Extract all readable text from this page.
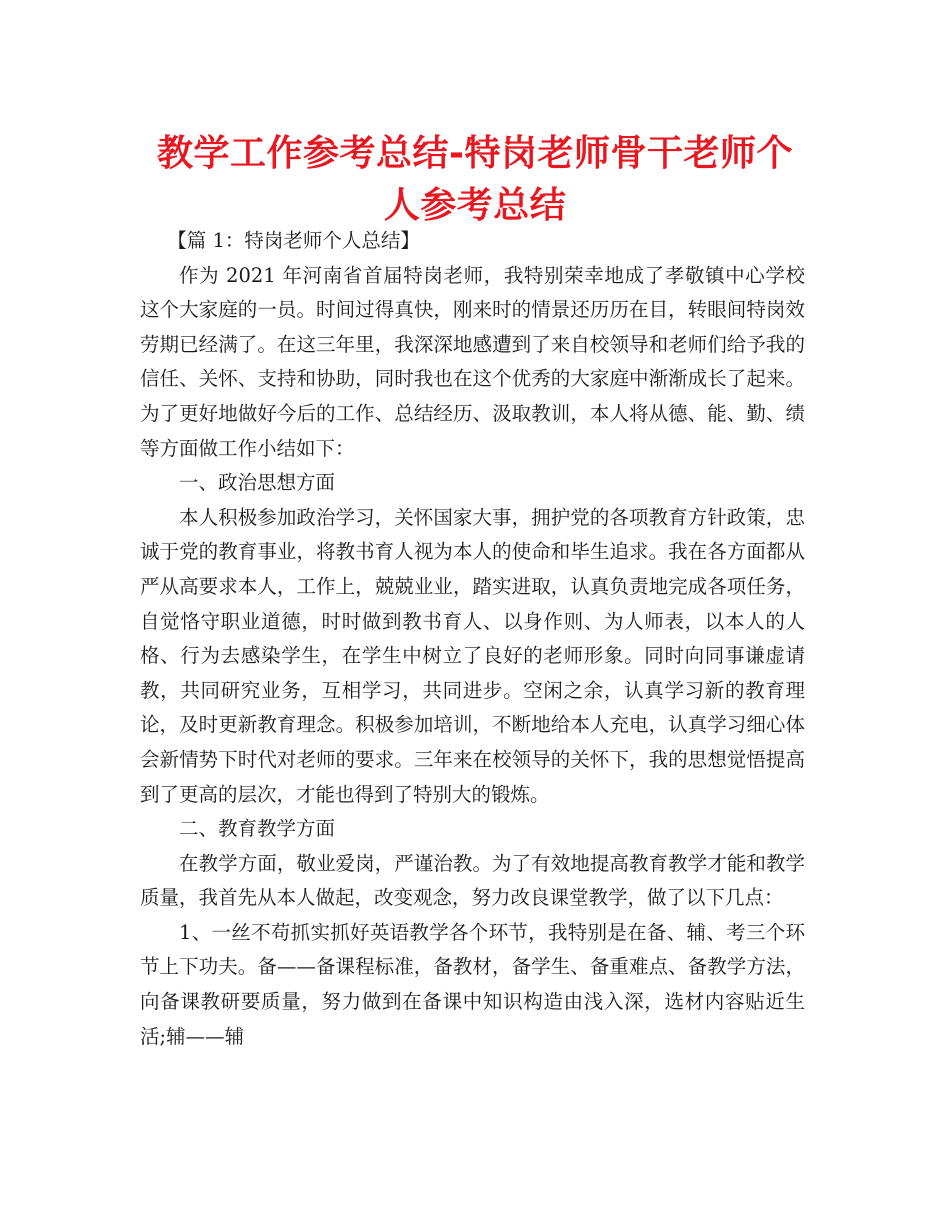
教学工作参考总结-特岗老师骨干老师个人参考总结

【篇 1：特岗老师个人总结】

作为 2021 年河南省首届特岗老师，我特别荣幸地成了孝敬镇中心学校这个大家庭的一员。时间过得真快，刚来时的情景还历历在目，转眼间特岗效劳期已经满了。在这三年里，我深深地感遭到了来自校领导和老师们给予我的信任、关怀、支持和协助，同时我也在这个优秀的大家庭中渐渐成长了起来。为了更好地做好今后的工作、总结经历、汲取教训，本人将从德、能、勤、绩等方面做工作小结如下：

一、政治思想方面

本人积极参加政治学习，关怀国家大事，拥护党的各项教育方针政策，忠诚于党的教育事业，将教书育人视为本人的使命和毕生追求。我在各方面都从严从高要求本人，工作上，兢兢业业，踏实进取，认真负责地完成各项任务，自觉恪守职业道德，时时做到教书育人、以身作则、为人师表，以本人的人格、行为去感染学生，在学生中树立了良好的老师形象。同时向同事谦虚请教，共同研究业务，互相学习，共同进步。空闲之余，认真学习新的教育理论，及时更新教育理念。积极参加培训，不断地给本人充电，认真学习细心体会新情势下时代对老师的要求。三年来在校领导的关怀下，我的思想觉悟提高到了更高的层次，才能也得到了特别大的锻炼。

二、教育教学方面

在教学方面，敬业爱岗，严谨治教。为了有效地提高教育教学才能和教学质量，我首先从本人做起，改变观念，努力改良课堂教学，做了以下几点：

1、一丝不苟抓实抓好英语教学各个环节，我特别是在备、辅、考三个环节上下功夫。备——备课程标准，备教材，备学生、备重难点、备教学方法，向备课教研要质量，努力做到在备课中知识构造由浅入深，选材内容贴近生活;辅——辅
